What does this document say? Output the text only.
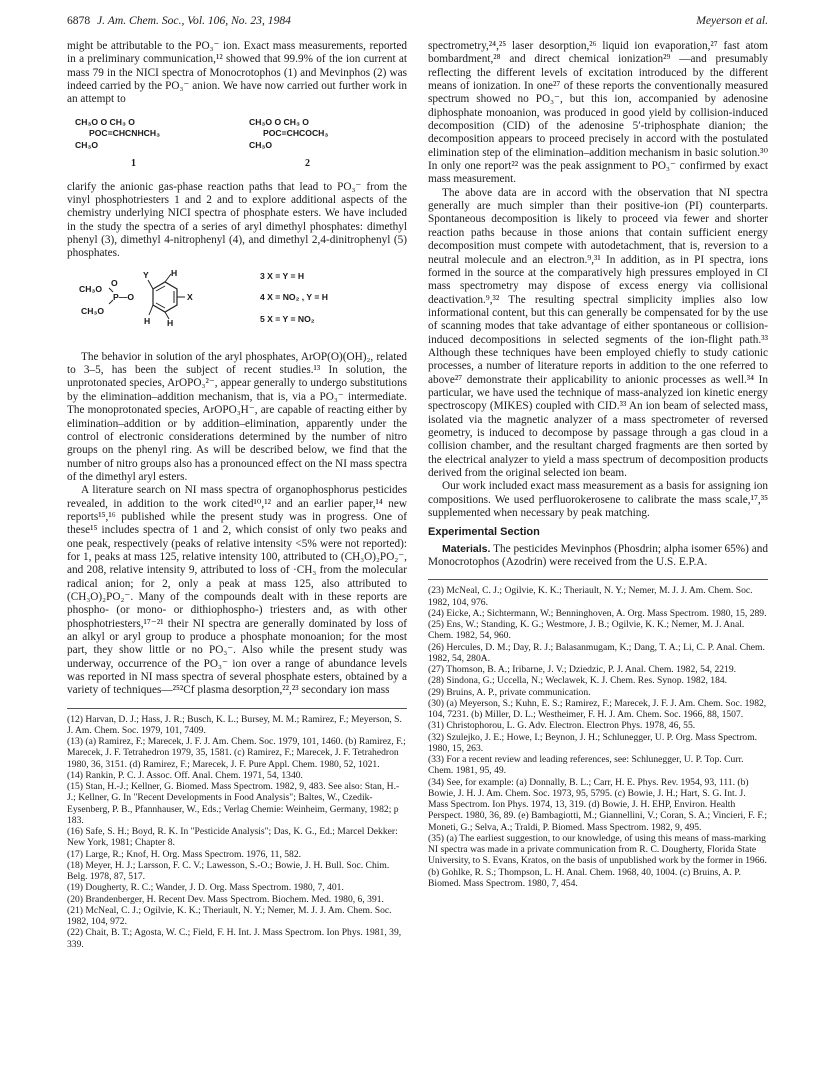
6878 J. Am. Chem. Soc., Vol. 106, No. 23, 1984	Meyerson et al.

might be attributable to the PO₃⁻ ion. Exact mass measurements, reported in a preliminary communication,¹² showed that 99.9% of the ion current at mass 79 in the NICI spectra of Monocrotophos (1) and Mevinphos (2) was indeed carried by the PO₃⁻ anion. We have now carried out further work in an attempt to

CH₃O O CH₃ O
POC=CHCNHCH₃
CH₃O
1
CH₃O O CH₃ O
POC=CHCOCH₃
CH₃O
2

clarify the anionic gas-phase reaction paths that lead to PO₃⁻ from the vinyl phosphotriesters 1 and 2 and to explore additional aspects of the chemistry underlying NICI spectra of phosphate esters. We have included in the study the spectra of a series of aryl dimethyl phosphates: dimethyl phenyl (3), dimethyl 4-nitrophenyl (4), and dimethyl 2,4-dinitrophenyl (5) phosphates.

CH₃O
O
P—O
CH₃O
Y	H
X
H H
3 X = Y = H
4 X = NO₂ , Y = H
5 X = Y = NO₂

The behavior in solution of the aryl phosphates, ArOP(O)(OH)₂, related to 3–5, has been the subject of recent studies.¹³ In solution, the unprotonated species, ArOPO₃²⁻, appear generally to undergo substitutions by the elimination–addition mechanism, that is, via a PO₃⁻ intermediate. The monoprotonated species, ArOPO₃H⁻, are capable of reacting either by elimination–addition or by addition–elimination, apparently under the control of electronic considerations determined by the number of nitro groups on the phenyl ring. As will be described below, we find that the number of nitro groups also has a pronounced effect on the NI mass spectra of the dimethyl aryl esters.

A literature search on NI mass spectra of organophosphorus pesticides revealed, in addition to the work cited¹⁰,¹² and an earlier paper,¹⁴ new reports¹⁵,¹⁶ published while the present study was in progress. One of these¹⁵ includes spectra of 1 and 2, which consist of only two peaks and one peak, respectively (peaks of relative intensity <5% were not reported): for 1, peaks at mass 125, relative intensity 100, attributed to (CH₃O)₂PO₂⁻, and 208, relative intensity 9, attributed to loss of ·CH₃ from the molecular radical anion; for 2, only a peak at mass 125, also attributed to (CH₃O)₂PO₂⁻. Many of the compounds dealt with in these reports are phospho- (or mono- or dithiophospho-) triesters and, as with other phosphotriesters,¹⁷⁻²¹ their NI spectra are generally dominated by loss of an alkyl or aryl group to produce a phosphate monoanion; for the most part, they show little or no PO₃⁻. Also while the present study was underway, occurrence of the PO₃⁻ ion over a range of abundance levels was reported in NI mass spectra of several phosphate esters, obtained by a variety of techniques—²⁵²Cf plasma desorption,²²,²³ secondary ion mass

(12) Harvan, D. J.; Hass, J. R.; Busch, K. L.; Bursey, M. M.; Ramirez, F.; Meyerson, S. J. Am. Chem. Soc. 1979, 101, 7409.
(13) (a) Ramirez, F.; Marecek, J. F. J. Am. Chem. Soc. 1979, 101, 1460. (b) Ramirez, F.; Marecek, J. F. Tetrahedron 1979, 35, 1581. (c) Ramirez, F.; Marecek, J. F. Tetrahedron 1980, 36, 3151. (d) Ramirez, F.; Marecek, J. F. Pure Appl. Chem. 1980, 52, 1021.
(14) Rankin, P. C. J. Assoc. Off. Anal. Chem. 1971, 54, 1340.
(15) Stan, H.-J.; Kellner, G. Biomed. Mass Spectrom. 1982, 9, 483. See also: Stan, H.-J.; Kellner, G. In "Recent Developments in Food Analysis"; Baltes, W., Czedik-Eysenberg, P. B., Pfannhauser, W., Eds.; Verlag Chemie: Weinheim, Germany, 1982; p 183.
(16) Safe, S. H.; Boyd, R. K. In "Pesticide Analysis"; Das, K. G., Ed.; Marcel Dekker: New York, 1981; Chapter 8.
(17) Large, R.; Knof, H. Org. Mass Spectrom. 1976, 11, 582.
(18) Meyer, H. J.; Larsson, F. C. V.; Lawesson, S.-O.; Bowie, J. H. Bull. Soc. Chim. Belg. 1978, 87, 517.
(19) Dougherty, R. C.; Wander, J. D. Org. Mass Spectrom. 1980, 7, 401.
(20) Brandenberger, H. Recent Dev. Mass Spectrom. Biochem. Med. 1980, 6, 391.
(21) McNeal, C. J.; Ogilvie, K. K.; Theriault, N. Y.; Nemer, M. J. J. Am. Chem. Soc. 1982, 104, 972.
(22) Chait, B. T.; Agosta, W. C.; Field, F. H. Int. J. Mass Spectrom. Ion Phys. 1981, 39, 339.

spectrometry,²⁴,²⁵ laser desorption,²⁶ liquid ion evaporation,²⁷ fast atom bombardment,²⁸ and direct chemical ionization²⁹ —and presumably reflecting the different levels of excitation introduced by the different means of ionization. In one²⁷ of these reports the conventionally measured spectrum showed no PO₃⁻, but this ion, accompanied by adenosine diphosphate monoanion, was produced in good yield by collision-induced decomposition (CID) of the adenosine 5′-triphosphate dianion; the decomposition appears to proceed precisely in accord with the postulated elimination step of the elimination–addition mechanism in basic solution.³⁰ In only one report²² was the peak assignment to PO₃⁻ confirmed by exact mass measurement.

The above data are in accord with the observation that NI spectra generally are much simpler than their positive-ion (PI) counterparts. Spontaneous decomposition is likely to proceed via fewer and shorter reaction paths because in those anions that contain sufficient energy decomposition must compete with autodetachment, that is, reversion to a neutral molecule and an electron.⁹,³¹ In addition, as in PI spectra, ions formed in the source at the comparatively high pressures employed in CI mass spectrometry may dispose of excess energy via collisional deactivation.⁹,³² The resulting spectral simplicity implies also low informational content, but this can generally be compensated for by the use of scanning modes that take advantage of either spontaneous or collision-induced decompositions in selected segments of the ion-flight path.³³ Although these techniques have been employed chiefly to study cationic processes, a number of literature reports in addition to the one referred to above²⁷ demonstrate their applicability to anionic processes as well.³⁴ In particular, we have used the technique of mass-analyzed ion kinetic energy spectroscopy (MIKES) coupled with CID.³³ An ion beam of selected mass, isolated via the magnetic analyzer of a mass spectrometer of reversed geometry, is induced to decompose by passage through a gas cloud in a collision chamber, and the resultant charged fragments are then sorted by the electrical analyzer to yield a mass spectrum of decomposition products derived from the original selected ion beam.

Our work included exact mass measurement as a basis for assigning ion compositions. We used perfluorokerosene to calibrate the mass scale,¹⁷,³⁵ supplemented when necessary by peak matching.

Experimental Section

Materials. The pesticides Mevinphos (Phosdrin; alpha isomer 65%) and Monocrotophos (Azodrin) were received from the U.S. E.P.A.

(23) McNeal, C. J.; Ogilvie, K. K.; Theriault, N. Y.; Nemer, M. J. J. Am. Chem. Soc. 1982, 104, 976.
(24) Eicke, A.; Sichtermann, W.; Benninghoven, A. Org. Mass Spectrom. 1980, 15, 289.
(25) Ens, W.; Standing, K. G.; Westmore, J. B.; Ogilvie, K. K.; Nemer, M. J. Anal. Chem. 1982, 54, 960.
(26) Hercules, D. M.; Day, R. J.; Balasanmugam, K.; Dang, T. A.; Li, C. P. Anal. Chem. 1982, 54, 280A.
(27) Thomson, B. A.; Iribarne, J. V.; Dziedzic, P. J. Anal. Chem. 1982, 54, 2219.
(28) Sindona, G.; Uccella, N.; Weclawek, K. J. Chem. Res. Synop. 1982, 184.
(29) Bruins, A. P., private communication.
(30) (a) Meyerson, S.; Kuhn, E. S.; Ramirez, F.; Marecek, J. F. J. Am. Chem. Soc. 1982, 104, 7231. (b) Miller, D. L.; Westheimer, F. H. J. Am. Chem. Soc. 1966, 88, 1507.
(31) Christophorou, L. G. Adv. Electron. Electron Phys. 1978, 46, 55.
(32) Szulejko, J. E.; Howe, I.; Beynon, J. H.; Schlunegger, U. P. Org. Mass Spectrom. 1980, 15, 263.
(33) For a recent review and leading references, see: Schlunegger, U. P. Top. Curr. Chem. 1981, 95, 49.
(34) See, for example: (a) Donnally, B. L.; Carr, H. E. Phys. Rev. 1954, 93, 111. (b) Bowie, J. H. J. Am. Chem. Soc. 1973, 95, 5795. (c) Bowie, J. H.; Hart, S. G. Int. J. Mass Spectrom. Ion Phys. 1974, 13, 319. (d) Bowie, J. H. EHP, Environ. Health Perspect. 1980, 36, 89. (e) Bambagiotti, M.; Giannellini, V.; Coran, S. A.; Vincieri, F. F.; Moneti, G.; Selva, A.; Traldi, P. Biomed. Mass Spectrom. 1982, 9, 495.
(35) (a) The earliest suggestion, to our knowledge, of using this means of mass-marking NI spectra was made in a private communication from R. C. Dougherty, Florida State University, to S. Evans, Kratos, on the basis of unpublished work by the former in 1966. (b) Gohlke, R. S.; Thompson, L. H. Anal. Chem. 1968, 40, 1004. (c) Bruins, A. P. Biomed. Mass Spectrom. 1980, 7, 454.
